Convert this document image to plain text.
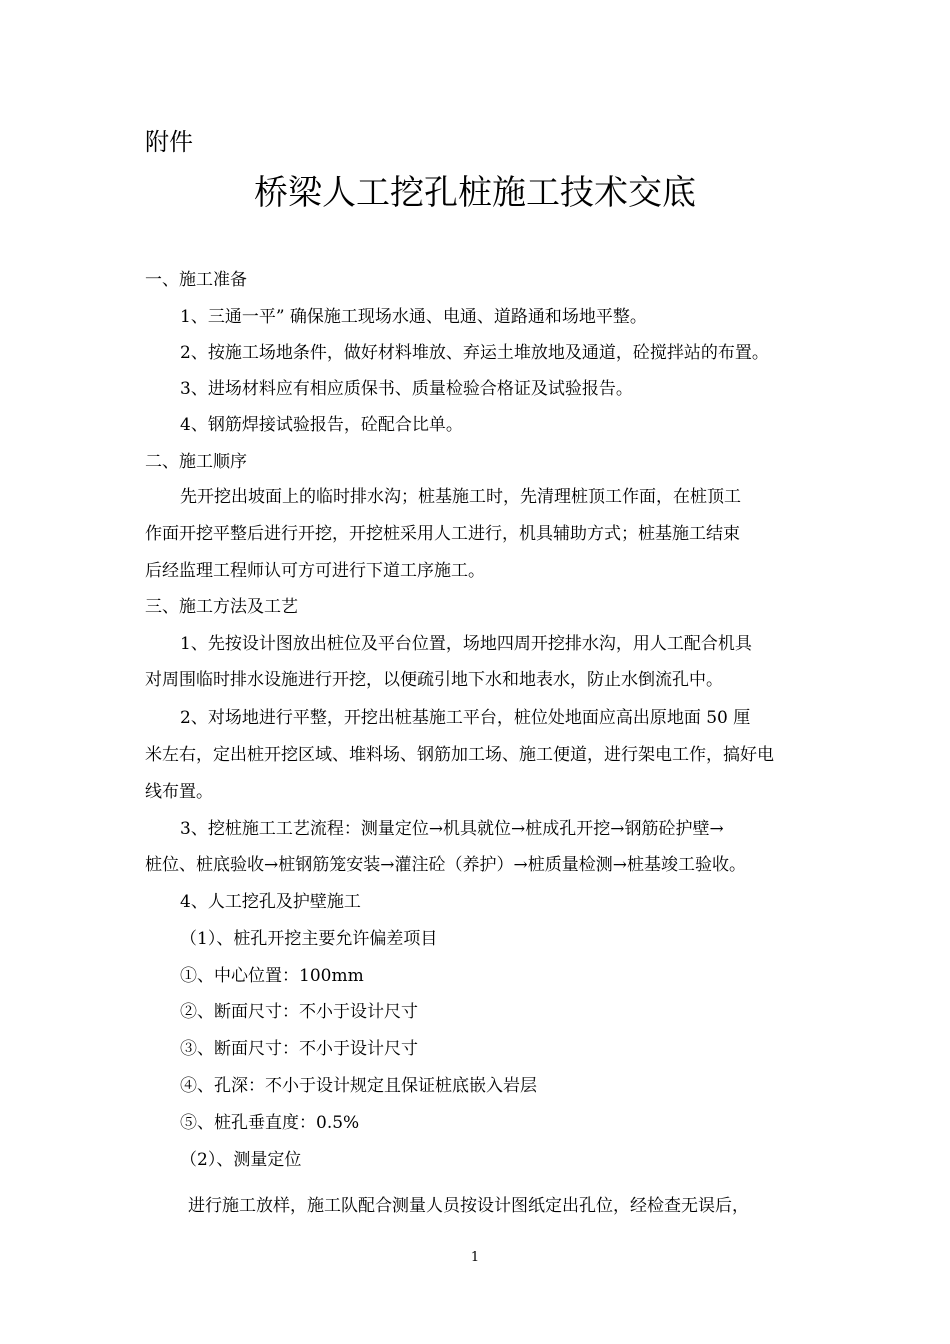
附件
桥梁人工挖孔桩施工技术交底
一、施工准备
1、三通一平” 确保施工现场水通、电通、道路通和场地平整。
2、按施工场地条件，做好材料堆放、弃运土堆放地及通道，砼搅拌站的布置。
3、进场材料应有相应质保书、质量检验合格证及试验报告。
4、钢筋焊接试验报告，砼配合比单。
二、施工顺序
先开挖出坡面上的临时排水沟；桩基施工时，先清理桩顶工作面，在桩顶工
作面开挖平整后进行开挖，开挖桩采用人工进行，机具辅助方式；桩基施工结束
后经监理工程师认可方可进行下道工序施工。
三、施工方法及工艺
1、先按设计图放出桩位及平台位置，场地四周开挖排水沟，用人工配合机具
对周围临时排水设施进行开挖，以便疏引地下水和地表水，防止水倒流孔中。
2、对场地进行平整，开挖出桩基施工平台，桩位处地面应高出原地面 50 厘
米左右，定出桩开挖区域、堆料场、钢筋加工场、施工便道，进行架电工作，搞好电
线布置。
3、挖桩施工工艺流程：测量定位→机具就位→桩成孔开挖→钢筋砼护壁→
桩位、桩底验收→桩钢筋笼安装→灌注砼（养护）→桩质量检测→桩基竣工验收。
4、人工挖孔及护壁施工
（1）、桩孔开挖主要允许偏差项目
①、中心位置：100mm
②、断面尺寸：不小于设计尺寸
③、断面尺寸：不小于设计尺寸
④、孔深：不小于设计规定且保证桩底嵌入岩层
⑤、桩孔垂直度：0.5%
（2）、测量定位
进行施工放样，施工队配合测量人员按设计图纸定出孔位，经检查无误后，
1
